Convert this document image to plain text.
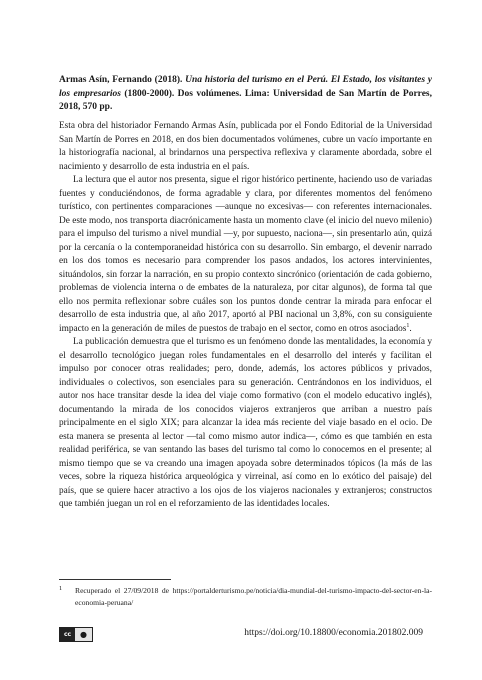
Armas Asín, Fernando (2018). Una historia del turismo en el Perú. El Estado, los visitantes y los empresarios (1800-2000). Dos volúmenes. Lima: Universidad de San Martín de Porres, 2018, 570 pp.

Esta obra del historiador Fernando Armas Asín, publicada por el Fondo Editorial de la Universidad San Martín de Porres en 2018, en dos bien documentados volúmenes, cubre un vacío importante en la historiografía nacional, al brindarnos una perspectiva reflexiva y claramente abordada, sobre el nacimiento y desarrollo de esta industria en el país.

La lectura que el autor nos presenta, sigue el rigor histórico pertinente, haciendo uso de variadas fuentes y conduciéndonos, de forma agradable y clara, por diferentes momentos del fenómeno turístico, con pertinentes comparaciones —aunque no excesivas— con referentes internacionales. De este modo, nos transporta diacrónicamente hasta un momento clave (el inicio del nuevo milenio) para el impulso del turismo a nivel mundial —y, por supuesto, naciona—, sin presentarlo aún, quizá por la cercanía o la contemporaneidad histórica con su desarrollo. Sin embargo, el devenir narrado en los dos tomos es necesario para comprender los pasos andados, los actores intervinientes, situándolos, sin forzar la narración, en su propio contexto sincrónico (orientación de cada gobierno, problemas de violencia interna o de embates de la naturaleza, por citar algunos), de forma tal que ello nos permita reflexionar sobre cuáles son los puntos donde centrar la mirada para enfocar el desarrollo de esta industria que, al año 2017, aportó al PBI nacional un 3,8%, con su consiguiente impacto en la generación de miles de puestos de trabajo en el sector, como en otros asociados$^1$.

La publicación demuestra que el turismo es un fenómeno donde las mentalidades, la economía y el desarrollo tecnológico juegan roles fundamentales en el desarrollo del interés y facilitan el impulso por conocer otras realidades; pero, donde, además, los actores públicos y privados, individuales o colectivos, son esenciales para su generación. Centrándonos en los individuos, el autor nos hace transitar desde la idea del viaje como formativo (con el modelo educativo inglés), documentando la mirada de los conocidos viajeros extranjeros que arriban a nuestro país principalmente en el siglo XIX; para alcanzar la idea más reciente del viaje basado en el ocio. De esta manera se presenta al lector —tal como mismo autor indica—, cómo es que también en esta realidad periférica, se van sentando las bases del turismo tal como lo conocemos en el presente; al mismo tiempo que se va creando una imagen apoyada sobre determinados tópicos (la más de las veces, sobre la riqueza histórica arqueológica y virreinal, así como en lo exótico del paisaje) del país, que se quiere hacer atractivo a los ojos de los viajeros nacionales y extranjeros; constructos que también juegan un rol en el reforzamiento de las identidades locales.

1	Recuperado el 27/09/2018 de https://portalderturismo.pe/noticia/dia-mundial-del-turismo-impacto-del-sector-en-la-economia-peruana/
cc	●	https://doi.org/10.18800/economia.201802.009
